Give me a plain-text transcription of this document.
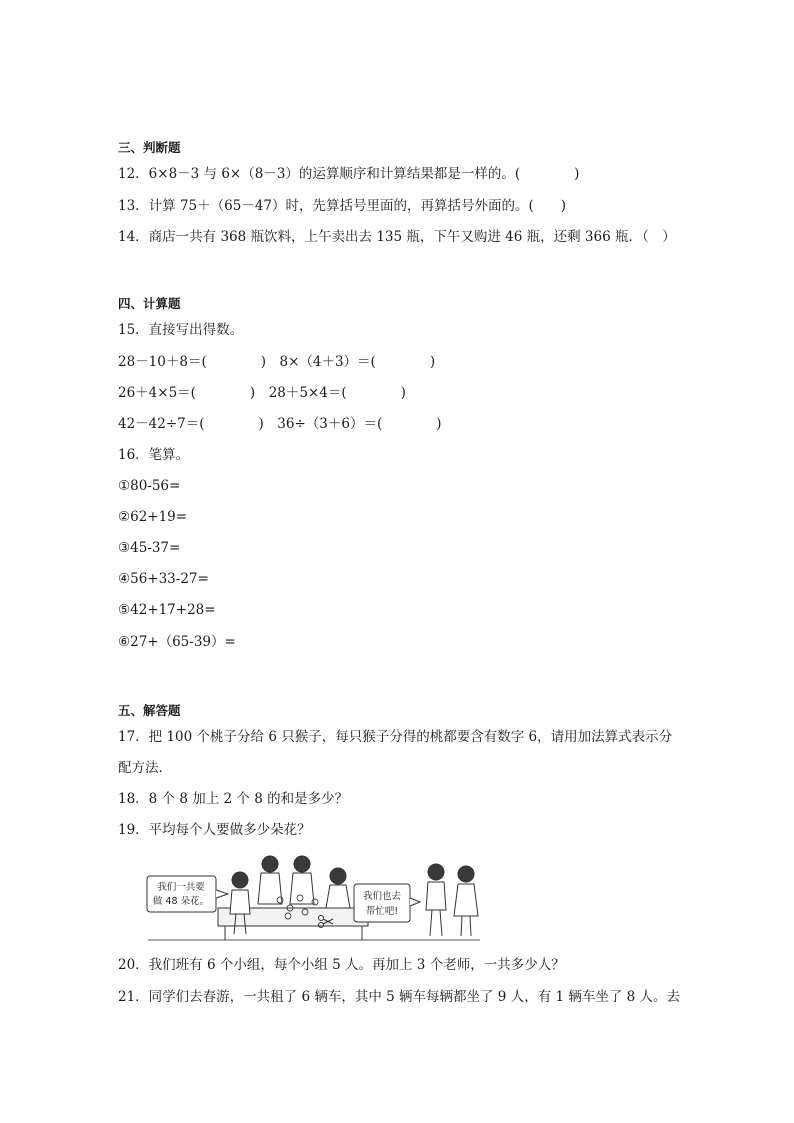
三、判断题
12．6×8－3 与 6×（8－3）的运算顺序和计算结果都是一样的。(　　　　)
13．计算 75＋（65－47）时，先算括号里面的，再算括号外面的。(　　)
14．商店一共有 368 瓶饮料，上午卖出去 135 瓶，下午又购进 46 瓶，还剩 366 瓶．（　）
四、计算题
15．直接写出得数。
28－10＋8＝(　　　　)　8×（4＋3）＝(　　　　)
26＋4×5＝(　　　　)　28＋5×4＝(　　　　)
42－42÷7＝(　　　　)　36÷（3＋6）＝(　　　　)
16．笔算。
①80-56=
②62+19=
③45-37=
④56+33-27=
⑤42+17+28=
⑥27+（65-39）=
五、解答题
17．把 100 个桃子分给 6 只猴子，每只猴子分得的桃都要含有数字 6，请用加法算式表示分
配方法．
18．8 个 8 加上 2 个 8 的和是多少？
19．平均每个人要做多少朵花？
我们一共要
做 48 朵花。	我们也去
帮忙吧!
20．我们班有 6 个小组，每个小组 5 人。再加上 3 个老师，一共多少人？
21．同学们去春游，一共租了 6 辆车，其中 5 辆车每辆都坐了 9 人，有 1 辆车坐了 8 人。去
